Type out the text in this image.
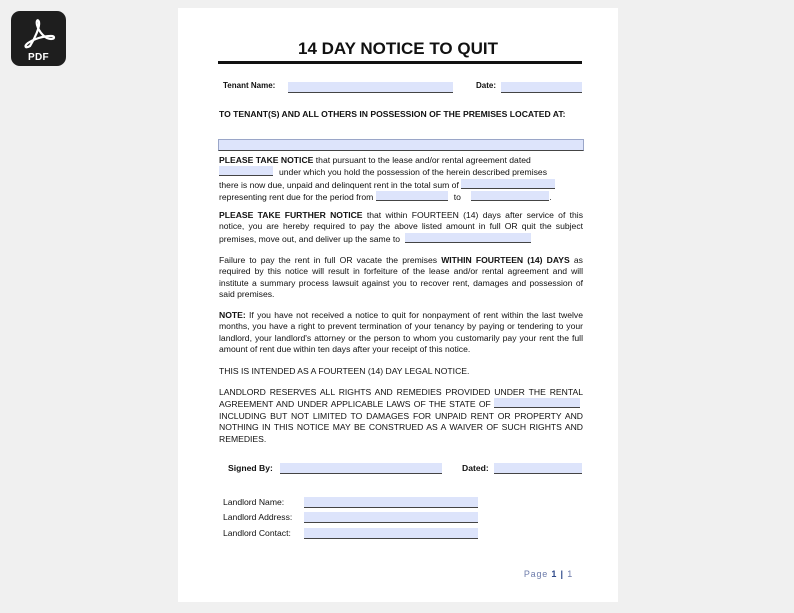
PDF	14 DAY NOTICE TO QUIT
Tenant Name:	Date:
TO TENANT(S) AND ALL OTHERS IN POSSESSION OF THE PREMISES LOCATED AT:
PLEASE TAKE NOTICE that pursuant to the lease and/or rental agreement dated
under which you hold the possession of the herein described premises
there is now due, unpaid and delinquent rent in the total sum of
representing rent due for the period from	to	.
PLEASE TAKE FURTHER NOTICE that within FOURTEEN (14) days after service of this notice, you are hereby required to pay the above listed amount in full OR quit the subject premises, move out, and deliver up the same to
Failure to pay the rent in full OR vacate the premises WITHIN FOURTEEN (14) DAYS as required by this notice will result in forfeiture of the lease and/or rental agreement and will institute a summary process lawsuit against you to recover rent, damages and possession of said premises.
NOTE: If you have not received a notice to quit for nonpayment of rent within the last twelve months, you have a right to prevent termination of your tenancy by paying or tendering to your landlord, your landlord's attorney or the person to whom you customarily pay your rent the full amount of rent due within ten days after your receipt of this notice.
THIS IS INTENDED AS A FOURTEEN (14) DAY LEGAL NOTICE.
LANDLORD RESERVES ALL RIGHTS AND REMEDIES PROVIDED UNDER THE RENTAL AGREEMENT AND UNDER APPLICABLE LAWS OF THE STATE OF INCLUDING BUT NOT LIMITED TO DAMAGES FOR UNPAID RENT OR PROPERTY AND NOTHING IN THIS NOTICE MAY BE CONSTRUED AS A WAIVER OF SUCH RIGHTS AND REMEDIES.
Signed By:	Dated:
Landlord Name:
Landlord Address:
Landlord Contact:
Page 1 | 1
